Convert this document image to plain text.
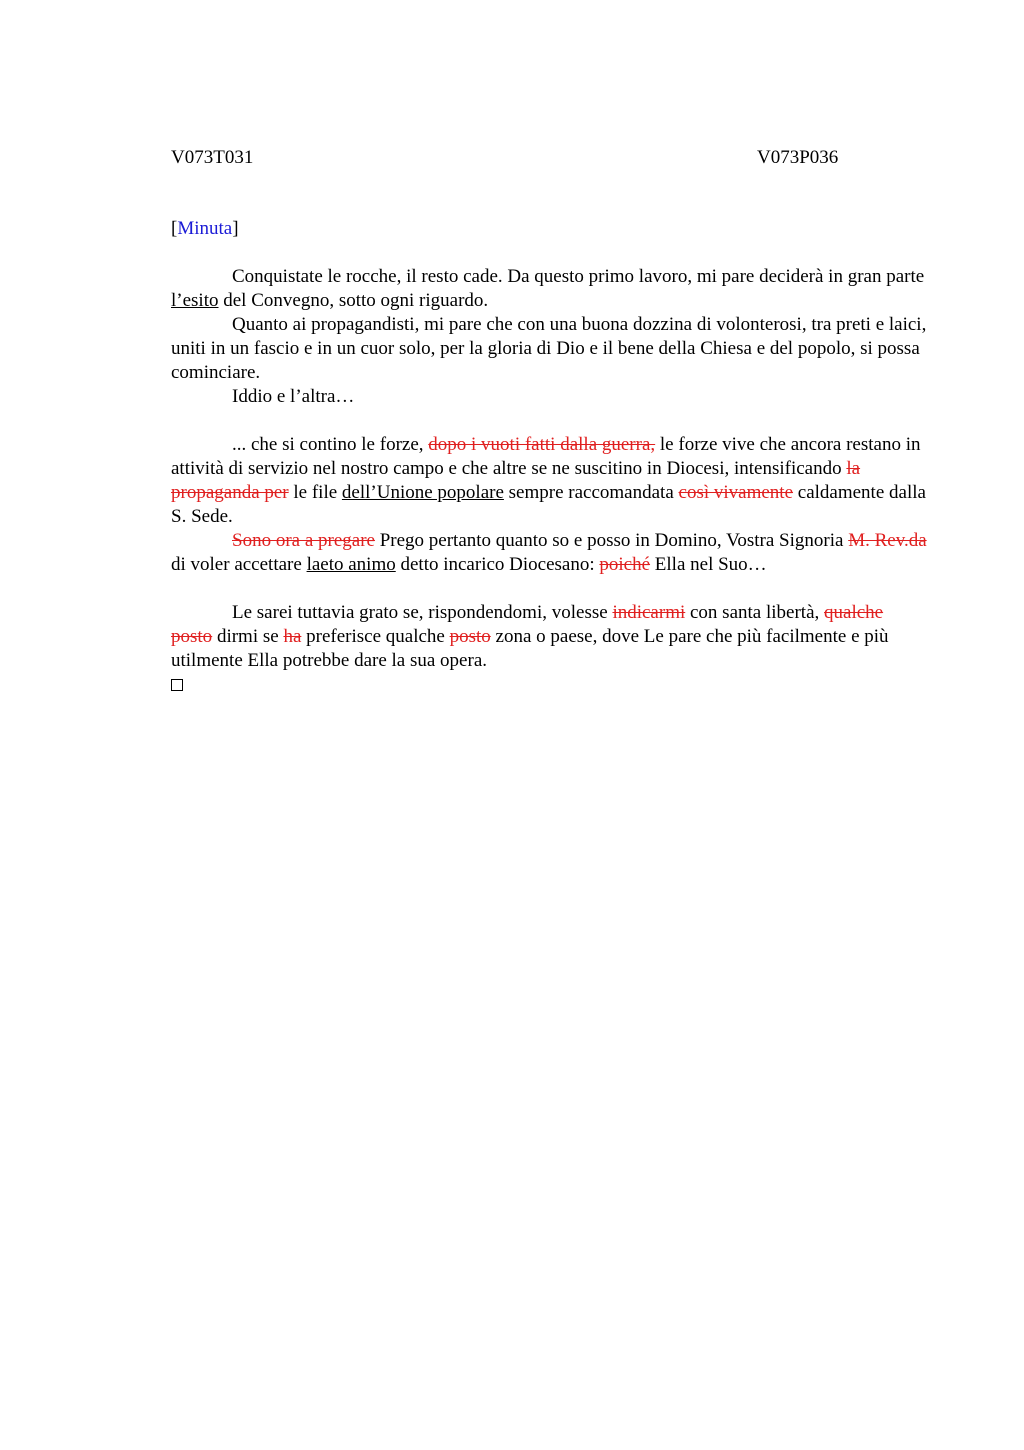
V073T031	V073P036
[Minuta]

Conquistate le rocche, il resto cade. Da questo primo lavoro, mi pare deciderà in gran parte l’esito del Convegno, sotto ogni riguardo.

Quanto ai propagandisti, mi pare che con una buona dozzina di volonterosi, tra preti e laici, uniti in un fascio e in un cuor solo, per la gloria di Dio e il bene della Chiesa e del popolo, si possa cominciare.

Iddio e l’altra…

... che si contino le forze, dopo i vuoti fatti dalla guerra, le forze vive che ancora restano in attività di servizio nel nostro campo e che altre se ne suscitino in Diocesi, intensificando la propaganda per le file dell’Unione popolare sempre raccomandata così vivamente caldamente dalla S. Sede.

Sono ora a pregare Prego pertanto quanto so e posso in Domino, Vostra Signoria M. Rev.da di voler accettare laeto animo detto incarico Diocesano: poiché Ella nel Suo…

Le sarei tuttavia grato se, rispondendomi, volesse indicarmi con santa libertà, qualche posto dirmi se ha preferisce qualche posto zona o paese, dove Le pare che più facilmente e più utilmente Ella potrebbe dare la sua opera.
